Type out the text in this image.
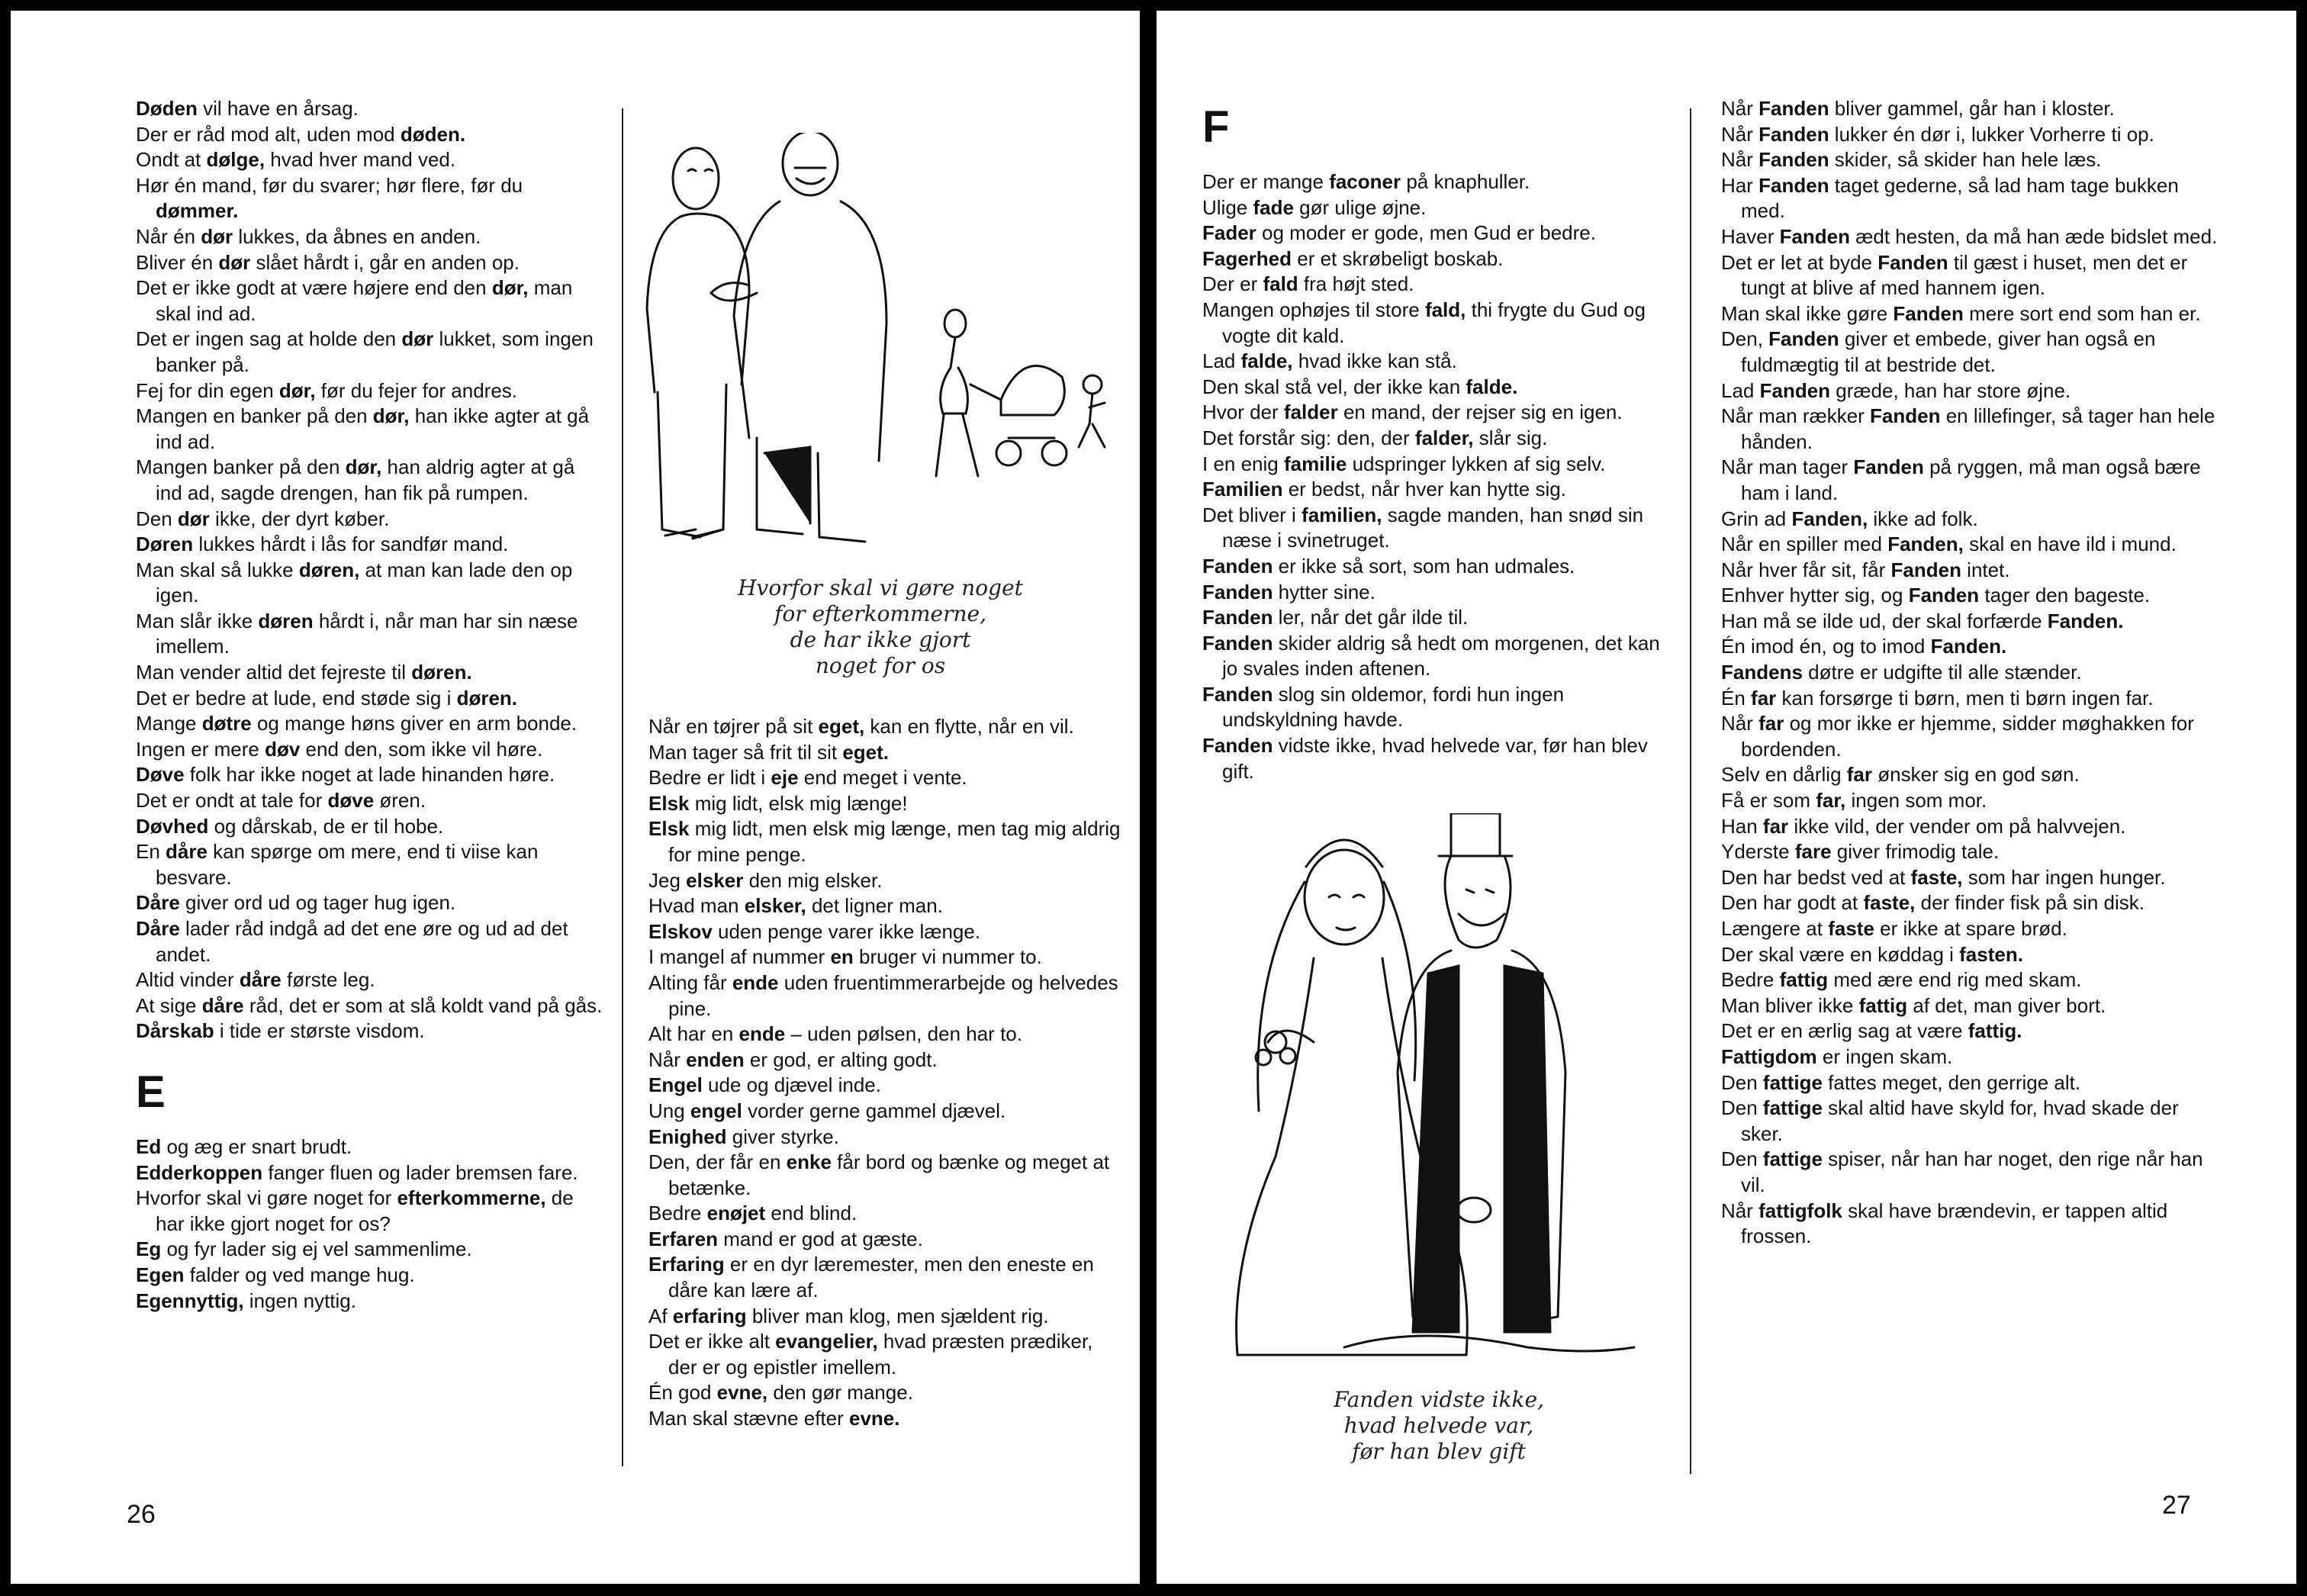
Døden vil have en årsag.
Der er råd mod alt, uden mod døden.
Ondt at dølge, hvad hver mand ved.
Hør én mand, før du svarer; hør flere, før du dømmer.
Når én dør lukkes, da åbnes en anden.
Bliver én dør slået hårdt i, går en anden op.
Det er ikke godt at være højere end den dør, man skal ind ad.
Det er ingen sag at holde den dør lukket, som ingen banker på.
Fej for din egen dør, før du fejer for andres.
Mangen en banker på den dør, han ikke agter at gå ind ad.
Mangen banker på den dør, han aldrig agter at gå ind ad, sagde drengen, han fik på rumpen.
Den dør ikke, der dyrt køber.
Døren lukkes hårdt i lås for sandfør mand.
Man skal så lukke døren, at man kan lade den op igen.
Man slår ikke døren hårdt i, når man har sin næse imellem.
Man vender altid det fejreste til døren.
Det er bedre at lude, end støde sig i døren.
Mange døtre og mange høns giver en arm bonde.
Ingen er mere døv end den, som ikke vil høre.
Døve folk har ikke noget at lade hinanden høre.
Det er ondt at tale for døve øren.
Døvhed og dårskab, de er til hobe.
En dåre kan spørge om mere, end ti viise kan besvare.
Dåre giver ord ud og tager hug igen.
Dåre lader råd indgå ad det ene øre og ud ad det andet.
Altid vinder dåre første leg.
At sige dåre råd, det er som at slå koldt vand på gås.
Dårskab i tide er største visdom.
E
Ed og æg er snart brudt.
Edderkoppen fanger fluen og lader bremsen fare.
Hvorfor skal vi gøre noget for efterkommerne, de har ikke gjort noget for os?
Eg og fyr lader sig ej vel sammenlime.
Egen falder og ved mange hug.
Egennyttig, ingen nyttig.
Hvorfor skal vi gøre noget
for efterkommerne,
de har ikke gjort
noget for os
Når en tøjrer på sit eget, kan en flytte, når en vil.
Man tager så frit til sit eget.
Bedre er lidt i eje end meget i vente.
Elsk mig lidt, elsk mig længe!
Elsk mig lidt, men elsk mig længe, men tag mig aldrig for mine penge.
Jeg elsker den mig elsker.
Hvad man elsker, det ligner man.
Elskov uden penge varer ikke længe.
I mangel af nummer en bruger vi nummer to.
Alting får ende uden fruentimmerarbejde og helvedes pine.
Alt har en ende – uden pølsen, den har to.
Når enden er god, er alting godt.
Engel ude og djævel inde.
Ung engel vorder gerne gammel djævel.
Enighed giver styrke.
Den, der får en enke får bord og bænke og meget at betænke.
Bedre enøjet end blind.
Erfaren mand er god at gæste.
Erfaring er en dyr læremester, men den eneste en dåre kan lære af.
Af erfaring bliver man klog, men sjældent rig.
Det er ikke alt evangelier, hvad præsten prædiker, der er og epistler imellem.
Én god evne, den gør mange.
Man skal stævne efter evne.
26
F
Der er mange faconer på knaphuller.
Ulige fade gør ulige øjne.
Fader og moder er gode, men Gud er bedre.
Fagerhed er et skrøbeligt boskab.
Der er fald fra højt sted.
Mangen ophøjes til store fald, thi frygte du Gud og vogte dit kald.
Lad falde, hvad ikke kan stå.
Den skal stå vel, der ikke kan falde.
Hvor der falder en mand, der rejser sig en igen.
Det forstår sig: den, der falder, slår sig.
I en enig familie udspringer lykken af sig selv.
Familien er bedst, når hver kan hytte sig.
Det bliver i familien, sagde manden, han snød sin næse i svinetruget.
Fanden er ikke så sort, som han udmales.
Fanden hytter sine.
Fanden ler, når det går ilde til.
Fanden skider aldrig så hedt om morgenen, det kan jo svales inden aftenen.
Fanden slog sin oldemor, fordi hun ingen undskyldning havde.
Fanden vidste ikke, hvad helvede var, før han blev gift.
Fanden vidste ikke,
hvad helvede var,
før han blev gift
Når Fanden bliver gammel, går han i kloster.
Når Fanden lukker én dør i, lukker Vorherre ti op.
Når Fanden skider, så skider han hele læs.
Har Fanden taget gederne, så lad ham tage bukken med.
Haver Fanden ædt hesten, da må han æde bidslet med.
Det er let at byde Fanden til gæst i huset, men det er tungt at blive af med hannem igen.
Man skal ikke gøre Fanden mere sort end som han er.
Den, Fanden giver et embede, giver han også en fuldmægtig til at bestride det.
Lad Fanden græde, han har store øjne.
Når man rækker Fanden en lillefinger, så tager han hele hånden.
Når man tager Fanden på ryggen, må man også bære ham i land.
Grin ad Fanden, ikke ad folk.
Når en spiller med Fanden, skal en have ild i mund.
Når hver får sit, får Fanden intet.
Enhver hytter sig, og Fanden tager den bageste.
Han må se ilde ud, der skal forfærde Fanden.
Én imod én, og to imod Fanden.
Fandens døtre er udgifte til alle stænder.
Én far kan forsørge ti børn, men ti børn ingen far.
Når far og mor ikke er hjemme, sidder møghakken for bordenden.
Selv en dårlig far ønsker sig en god søn.
Få er som far, ingen som mor.
Han far ikke vild, der vender om på halvvejen.
Yderste fare giver frimodig tale.
Den har bedst ved at faste, som har ingen hunger.
Den har godt at faste, der finder fisk på sin disk.
Længere at faste er ikke at spare brød.
Der skal være en køddag i fasten.
Bedre fattig med ære end rig med skam.
Man bliver ikke fattig af det, man giver bort.
Det er en ærlig sag at være fattig.
Fattigdom er ingen skam.
Den fattige fattes meget, den gerrige alt.
Den fattige skal altid have skyld for, hvad skade der sker.
Den fattige spiser, når han har noget, den rige når han vil.
Når fattigfolk skal have brændevin, er tappen altid frossen.
27
